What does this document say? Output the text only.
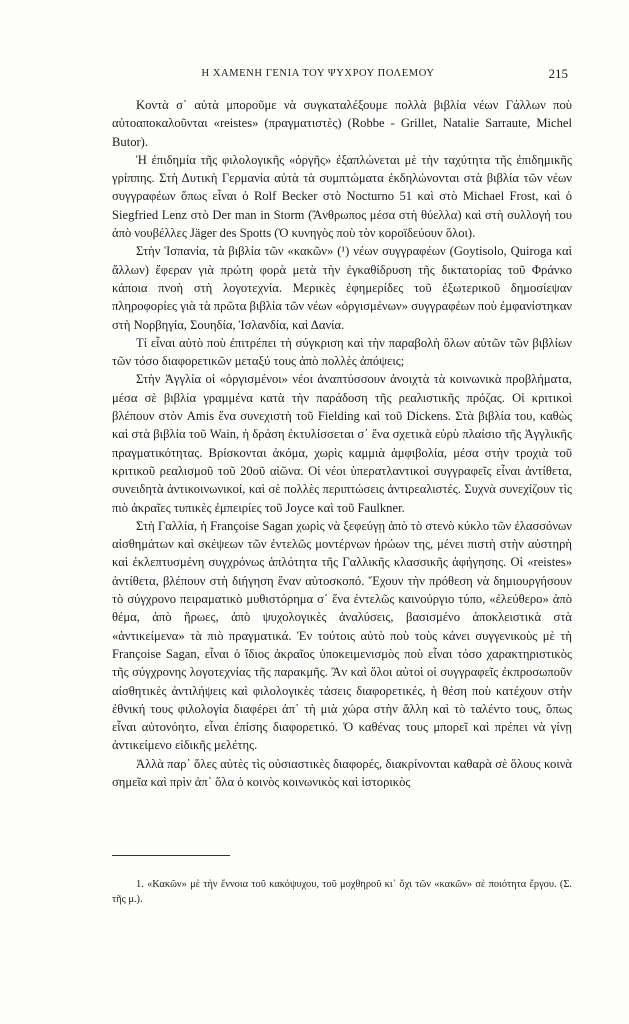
Η ΧΑΜΕΝΗ ΓΕΝΙΑ ΤΟΥ ΨΥΧΡΟΥ ΠΟΛΕΜΟΥ	215

Κοντὰ σ᾽ αὐτὰ μποροῦμε νὰ συγκαταλέξουμε πολλὰ βιβλία νέων Γάλλων ποὺ αὐτοαποκαλοῦνται «reistes» (πραγματιστὲς) (Robbe - Grillet, Natalie Sarraute, Michel Butor).

Ἡ ἐπιδημία τῆς φιλολογικῆς «ὀργῆς» ἐξαπλώνεται μὲ τὴν ταχύτητα τῆς ἐπιδημικῆς γρίππης. Στὴ Δυτικὴ Γερμανία αὐτὰ τὰ συμπτώματα ἐκδηλώνονται στὰ βιβλία τῶν νέων συγγραφέων ὅπως εἶναι ὁ Rolf Becker στὸ Nocturno 51 καὶ στὸ Michael Frost, καὶ ὁ Siegfried Lenz στὸ Der man in Storm (Ἄνθρωπος μέσα στὴ θύελλα) καὶ στὴ συλλογή του ἀπὸ νουβέλλες Jäger des Spotts (Ὁ κυνηγὸς ποὺ τὸν κοροϊδεύουν ὅλοι).

Στὴν Ἱσπανία, τὰ βιβλία τῶν «κακῶν» (¹) νέων συγγραφέων (Goytisolo, Quiroga καὶ ἄλλων) ἔφεραν γιὰ πρώτη φορὰ μετὰ τὴν ἐγκαθίδρυση τῆς δικτατορίας τοῦ Φράνκο κάποια πνοὴ στὴ λογοτεχνία. Μερικὲς ἐφημερίδες τοῦ ἐξωτερικοῦ δημοσίεψαν πληροφορίες γιὰ τὰ πρῶτα βιβλία τῶν νέων «ὀργισμένων» συγγραφέων ποὺ ἐμφανίστηκαν στὴ Νορβηγία, Σουηδία, Ἰσλανδία, καὶ Δανία.

Τί εἶναι αὐτὸ ποὺ ἐπιτρέπει τὴ σύγκριση καὶ τὴν παραβολὴ ὅλων αὐτῶν τῶν βιβλίων τῶν τόσο διαφορετικῶν μεταξύ τους ἀπὸ πολλὲς ἀπόψεις;

Στὴν Ἀγγλία οἱ «ὀργισμένοι» νέοι ἀναπτύσσουν ἀνοιχτὰ τὰ κοινωνικὰ προβλήματα, μέσα σὲ βιβλία γραμμένα κατὰ τὴν παράδοση τῆς ρεαλιστικῆς πρόζας. Οἱ κριτικοὶ βλέπουν στὸν Amis ἕνα συνεχιστὴ τοῦ Fielding καὶ τοῦ Dickens. Στὰ βιβλία του, καθὼς καὶ στὰ βιβλία τοῦ Wain, ἡ δράση ἐκτυλίσσεται σ᾽ ἕνα σχετικὰ εὐρὺ πλαίσιο τῆς Ἀγγλικῆς πραγματικότητας. Βρίσκονται ἀκόμα, χωρὶς καμμιὰ ἀμφιβολία, μέσα στὴν τροχιὰ τοῦ κριτικοῦ ρεαλισμοῦ τοῦ 20οῦ αἰῶνα. Οἱ νέοι ὑπερατλαντικοὶ συγγραφεῖς εἶναι ἀντίθετα, συνειδητὰ ἀντικοινωνικοί, καὶ σὲ πολλὲς περιπτώσεις ἀντιρεαλιστές. Συχνὰ συνεχίζουν τὶς πιὸ ἀκραῖες τυπικὲς ἐμπειρίες τοῦ Joyce καὶ τοῦ Faulkner.

Στὴ Γαλλία, ἡ Françoise Sagan χωρὶς νὰ ξεφεύγῃ ἀπὸ τὸ στενὸ κύκλο τῶν ἐλασσόνων αἰσθημάτων καὶ σκέψεων τῶν ἐντελῶς μοντέρνων ἡρώων της, μένει πιστὴ στὴν αὐστηρὴ καὶ ἐκλεπτυσμένη συγχρόνως ἁπλότητα τῆς Γαλλικῆς κλασσικῆς ἀφήγησης. Οἱ «reistes» ἀντίθετα, βλέπουν στὴ διήγηση ἕναν αὐτοσκοπό. Ἔχουν τὴν πρόθεση νὰ δημιουργήσουν τὸ σύγχρονο πειραματικὸ μυθιστόρημα σ᾽ ἕνα ἐντελῶς καινούργιο τύπο, «ἐλεύθερο» ἀπὸ θέμα, ἀπὸ ἥρωες, ἀπὸ ψυχολογικὲς ἀναλύσεις, βασισμένο ἀποκλειστικὰ στὰ «ἀντικείμενα» τὰ πιὸ πραγματικά. Ἐν τούτοις αὐτὸ ποὺ τοὺς κάνει συγγενικοὺς μὲ τὴ Françoise Sagan, εἶναι ὁ ἴδιος ἀκραῖος ὑποκειμενισμὸς ποὺ εἶναι τόσο χαρακτηριστικὸς τῆς σύγχρονης λογοτεχνίας τῆς παρακμῆς. Ἂν καὶ ὅλοι αὐτοὶ οἱ συγγραφεῖς ἐκπροσωποῦν αἰσθητικὲς ἀντιλήψεις καὶ φιλολογικὲς τάσεις διαφορετικές, ἡ θέση ποὺ κατέχουν στὴν ἐθνική τους φιλολογία διαφέρει ἀπ᾽ τὴ μιὰ χώρα στὴν ἄλλη καὶ τὸ ταλέντο τους, ὅπως εἶναι αὐτονόητο, εἶναι ἐπίσης διαφορετικό. Ὁ καθένας τους μπορεῖ καὶ πρέπει νὰ γίνῃ ἀντικείμενο εἰδικῆς μελέτης.

Ἀλλὰ παρ᾽ ὅλες αὐτὲς τὶς οὐσιαστικὲς διαφορές, διακρίνονται καθαρὰ σὲ ὅλους κοινὰ σημεῖα καὶ πρὶν ἀπ᾽ ὅλα ὁ κοινὸς κοινωνικὸς καὶ ἱστορικὸς

1. «Κακῶν» μὲ τὴν ἔννοια τοῦ κακόψυχου, τοῦ μοχθηροῦ κι᾽ ὄχι τῶν «κακῶν» σὲ ποιότητα ἔργου. (Σ. τῆς μ.).
